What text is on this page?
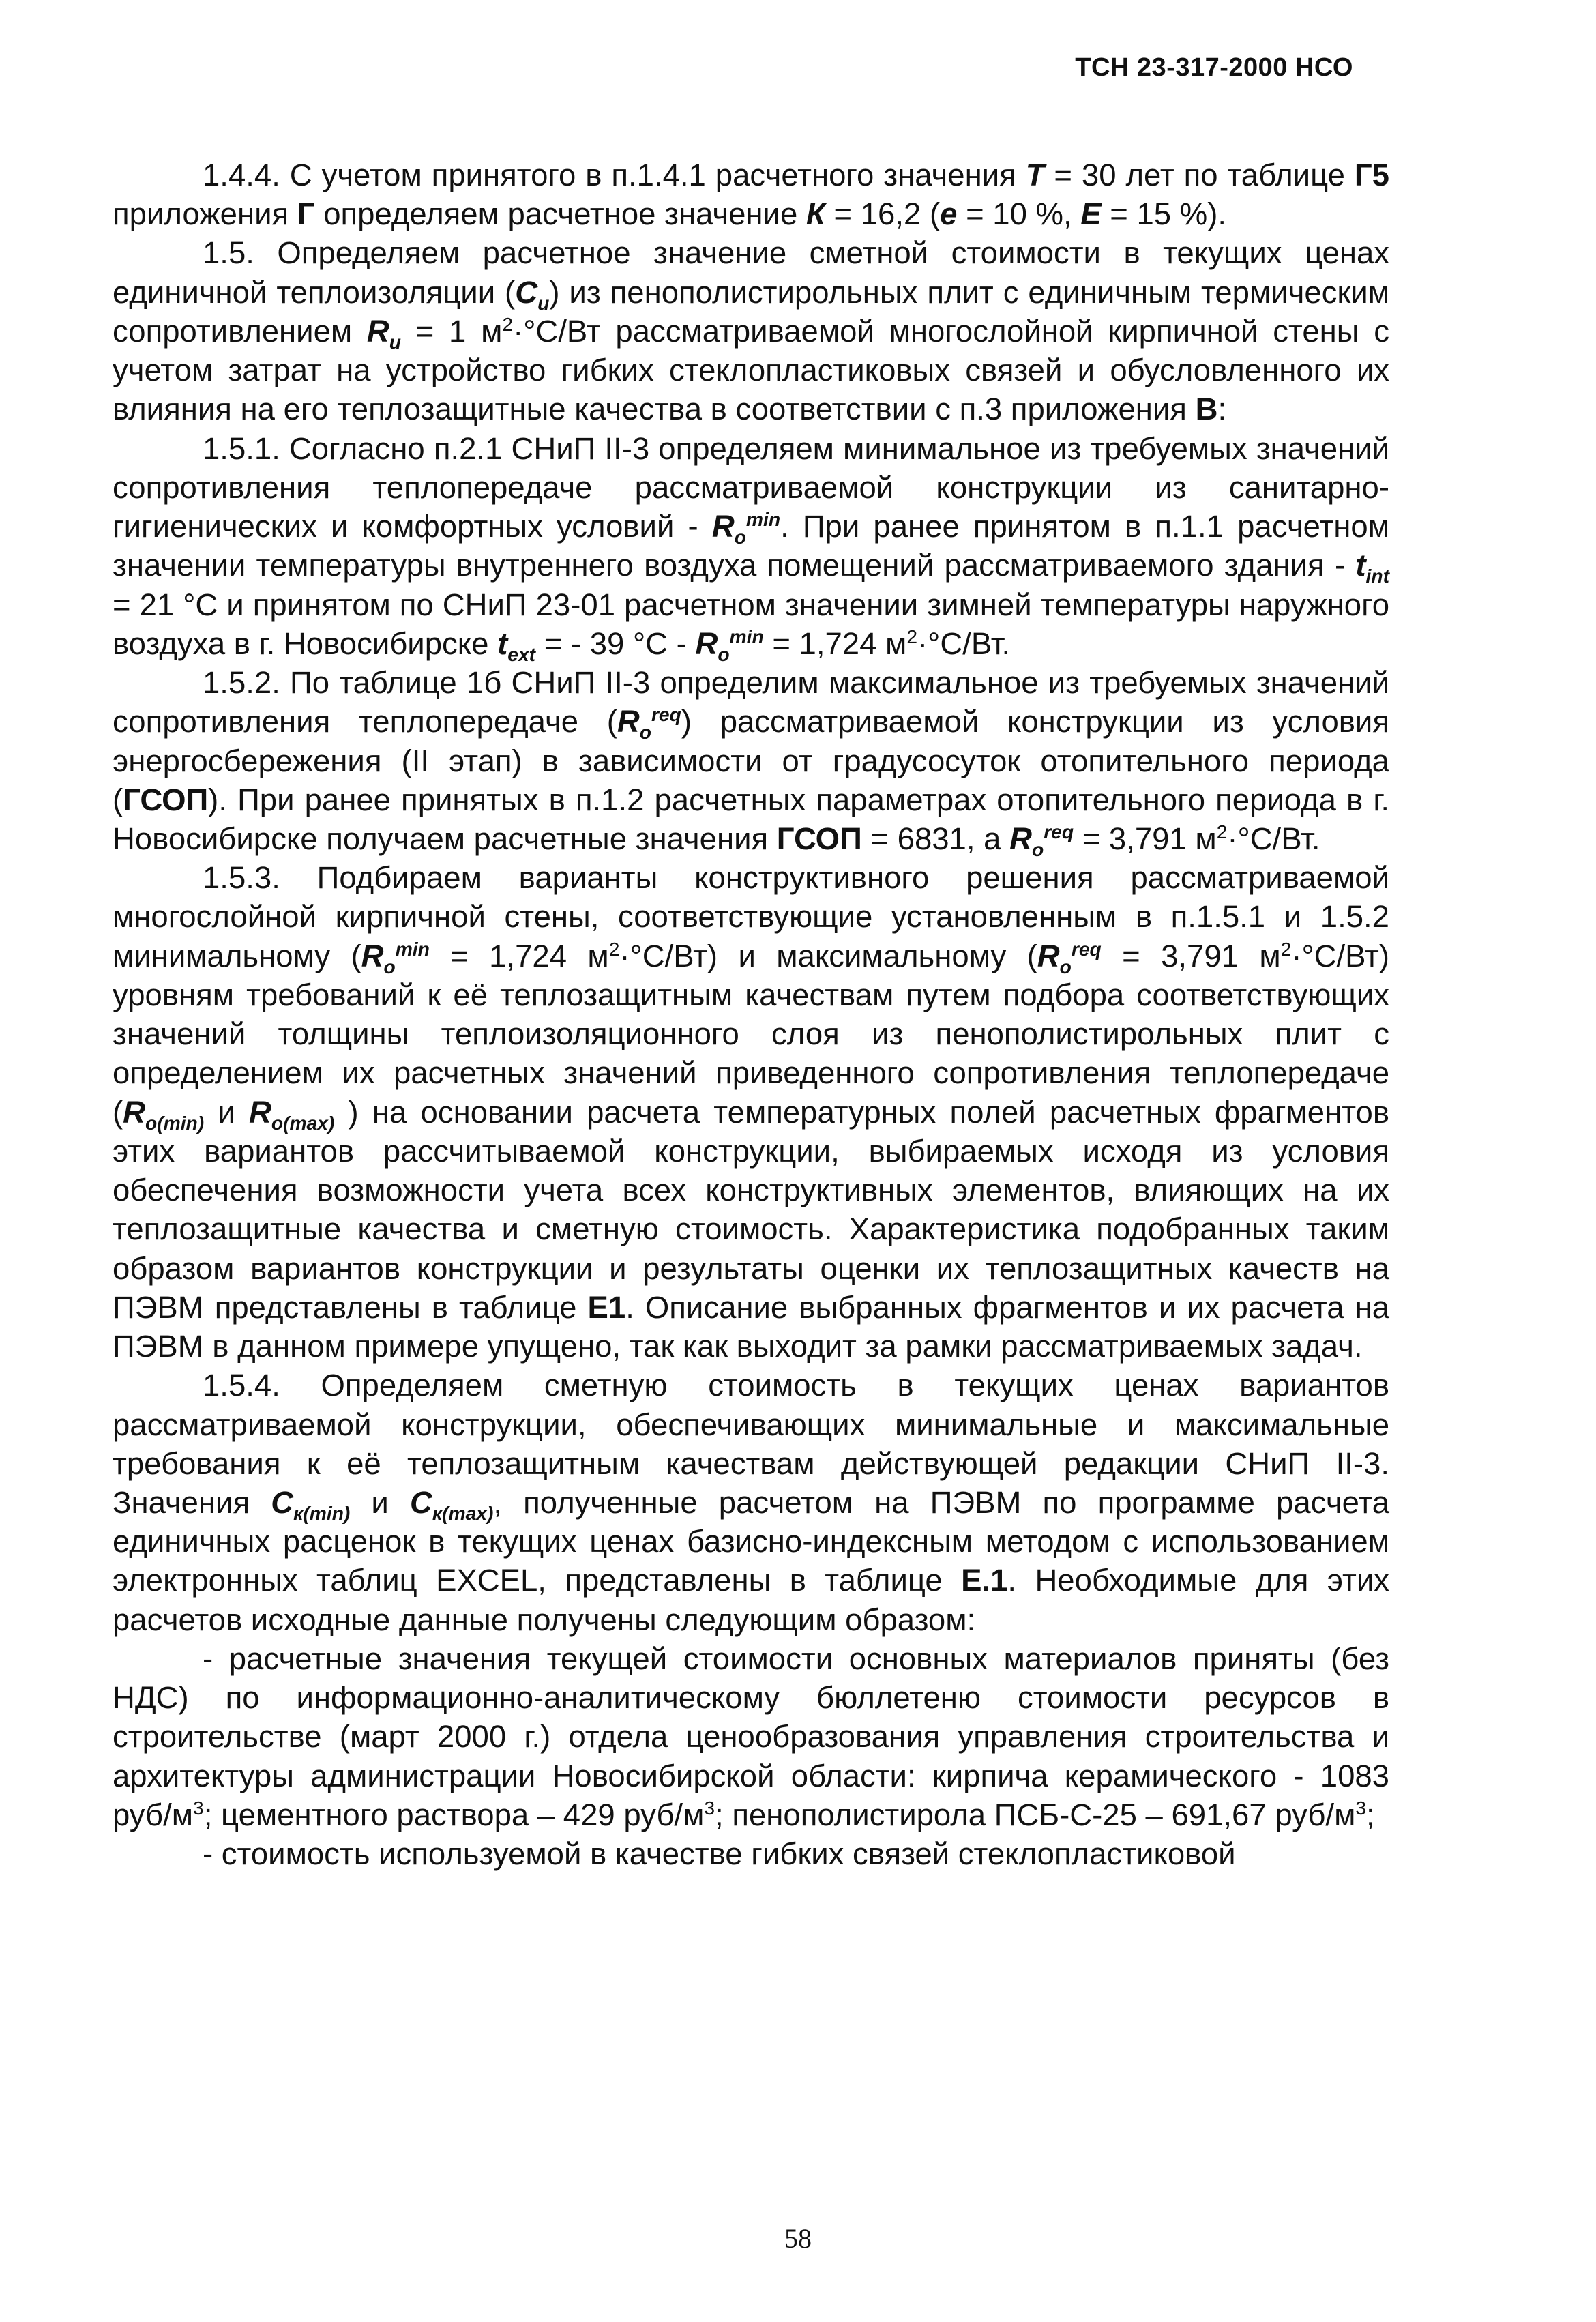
ТСН 23-317-2000 НСО

1.4.4. С учетом принятого в п.1.4.1 расчетного значения Т = 30 лет по таблице Г5 приложения Г определяем расчетное значение К = 16,2 (е = 10 %, Е = 15 %).

1.5. Определяем расчетное значение сметной стоимости в текущих ценах единичной теплоизоляции $(С_u)$ из пенополистирольных плит с единичным термическим сопротивлением $R_u = 1$ $м^2\cdot^\circ С/Вт$ рассматриваемой многослойной кирпичной стены с учетом затрат на устройство гибких стеклопластиковых связей и обусловленного их влияния на его теплозащитные качества в соответствии с п.3 приложения В:

1.5.1. Согласно п.2.1 СНиП II-3 определяем минимальное из требуемых значений сопротивления теплопередаче рассматриваемой конструкции из санитарно-гигиенических и комфортных условий - $R_o^{min}$. При ранее принятом в п.1.1 расчетном значении температуры внутреннего воздуха помещений рассматриваемого здания - $t_{int} = 21$ °С и принятом по СНиП 23-01 расчетном значении зимней температуры наружного воздуха в г. Новосибирске $t_{ext}$ = - 39 $^\circ С - R_o^{min} = 1,724$ $м^2\cdot^\circ С/Вт$.

1.5.2. По таблице 1б СНиП II-3 определим максимальное из требуемых значений сопротивления теплопередаче $(R_o^{req})$ рассматриваемой конструкции из условия энергосбережения (II этап) в зависимости от градусосуток отопительного периода (ГСОП). При ранее принятых в п.1.2 расчетных параметрах отопительного периода в г. Новосибирске получаем расчетные значения ГСОП = 6831, а $R_o^{req} = 3,791$ $м^2\cdot^\circ С/Вт$.

1.5.3. Подбираем варианты конструктивного решения рассматриваемой многослойной кирпичной стены, соответствующие установленным в п.1.5.1 и 1.5.2 минимальному ($R_o^{min} = 1,724$ $м^2\cdot^\circ С/Вт$) и максимальному ($R_o^{req} = 3,791$ $м^2\cdot^\circ С/Вт$) уровням требований к её теплозащитным качествам путем подбора соответствующих значений толщины теплоизоляционного слоя из пенополистирольных плит с определением их расчетных значений приведенного сопротивления теплопередаче ($R_{o(min)}$ и $R_{o(max)}$ ) на основании расчета температурных полей расчетных фрагментов этих вариантов рассчитываемой конструкции, выбираемых исходя из условия обеспечения возможности учета всех конструктивных элементов, влияющих на их теплозащитные качества и сметную стоимость. Характеристика подобранных таким образом вариантов конструкции и результаты оценки их теплозащитных качеств на ПЭВМ представлены в таблице Е1. Описание выбранных фрагментов и их расчета на ПЭВМ в данном примере упущено, так как выходит за рамки рассматриваемых задач.

1.5.4. Определяем сметную стоимость в текущих ценах вариантов рассматриваемой конструкции, обеспечивающих минимальные и максимальные требования к её теплозащитным качествам действующей редакции СНиП II-3. Значения $С_{к(min)}$ и $С_{к(max)}$, полученные расчетом на ПЭВМ по программе расчета единичных расценок в текущих ценах базисно-индексным методом с использованием электронных таблиц EXCEL, представлены в таблице Е.1. Необходимые для этих расчетов исходные данные получены следующим образом:

- расчетные значения текущей стоимости основных материалов приняты (без НДС) по информационно-аналитическому бюллетеню стоимости ресурсов в строительстве (март 2000 г.) отдела ценообразования управления строительства и архитектуры администрации Новосибирской области: кирпича керамического - 1083 руб/$м^3$; цементного раствора – 429 руб/$м^3$; пенополистирола ПСБ-С-25 – 691,67 руб/$м^3$;

- стоимость используемой в качестве гибких связей стеклопластиковой

58
